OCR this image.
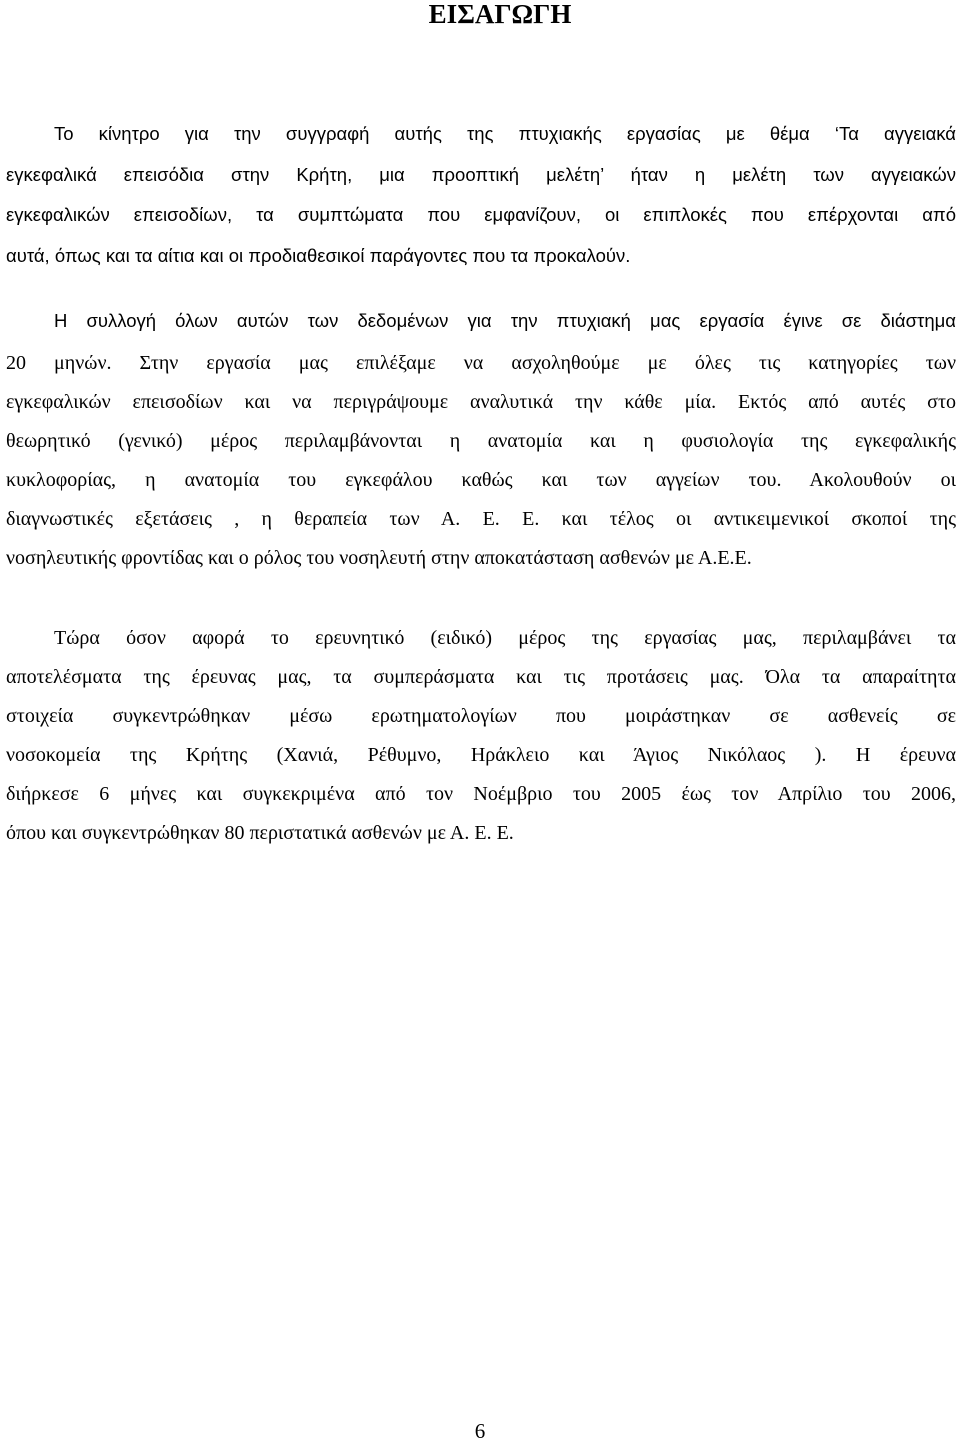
ΕΙΣΑΓΩΓΗ

Το κίνητρο για την συγγραφή αυτής της πτυχιακής εργασίας με θέμα ‘Τα αγγειακά
εγκεφαλικά επεισόδια στην Κρήτη, μια προοπτική μελέτη’ ήταν η μελέτη των αγγειακών
εγκεφαλικών επεισοδίων, τα συμπτώματα που εμφανίζουν, οι επιπλοκές που επέρχονται από
αυτά, όπως και τα αίτια και οι προδιαθεσικοί παράγοντες που τα προκαλούν.

Η συλλογή όλων αυτών των δεδομένων για την πτυχιακή μας εργασία έγινε σε διάστημα

20 μηνών. Στην εργασία μας επιλέξαμε να ασχοληθούμε με όλες τις κατηγορίες των
εγκεφαλικών επεισοδίων και να περιγράψουμε αναλυτικά την κάθε μία. Εκτός από αυτές στο
θεωρητικό (γενικό) μέρος περιλαμβάνονται η ανατομία και η φυσιολογία της εγκεφαλικής
κυκλοφορίας, η ανατομία του εγκεφάλου καθώς και των αγγείων του. Ακολουθούν οι
διαγνωστικές εξετάσεις , η θεραπεία των Α. Ε. Ε. και τέλος οι αντικειμενικοί σκοποί της
νοσηλευτικής φροντίδας και ο ρόλος του νοσηλευτή στην αποκατάσταση ασθενών με Α.Ε.Ε.

Τώρα όσον αφορά το ερευνητικό (ειδικό) μέρος της εργασίας μας, περιλαμβάνει τα
αποτελέσματα της έρευνας μας, τα συμπεράσματα και τις προτάσεις μας. Όλα τα απαραίτητα
στοιχεία συγκεντρώθηκαν μέσω ερωτηματολογίων που μοιράστηκαν σε ασθενείς σε
νοσοκομεία της Κρήτης (Χανιά, Ρέθυμνο, Ηράκλειο και Άγιος Νικόλαος ). Η έρευνα
διήρκεσε 6 μήνες και συγκεκριμένα από τον Νοέμβριο του 2005 έως τον Απρίλιο του 2006,
όπου και συγκεντρώθηκαν 80 περιστατικά ασθενών με Α. Ε. Ε.

6
